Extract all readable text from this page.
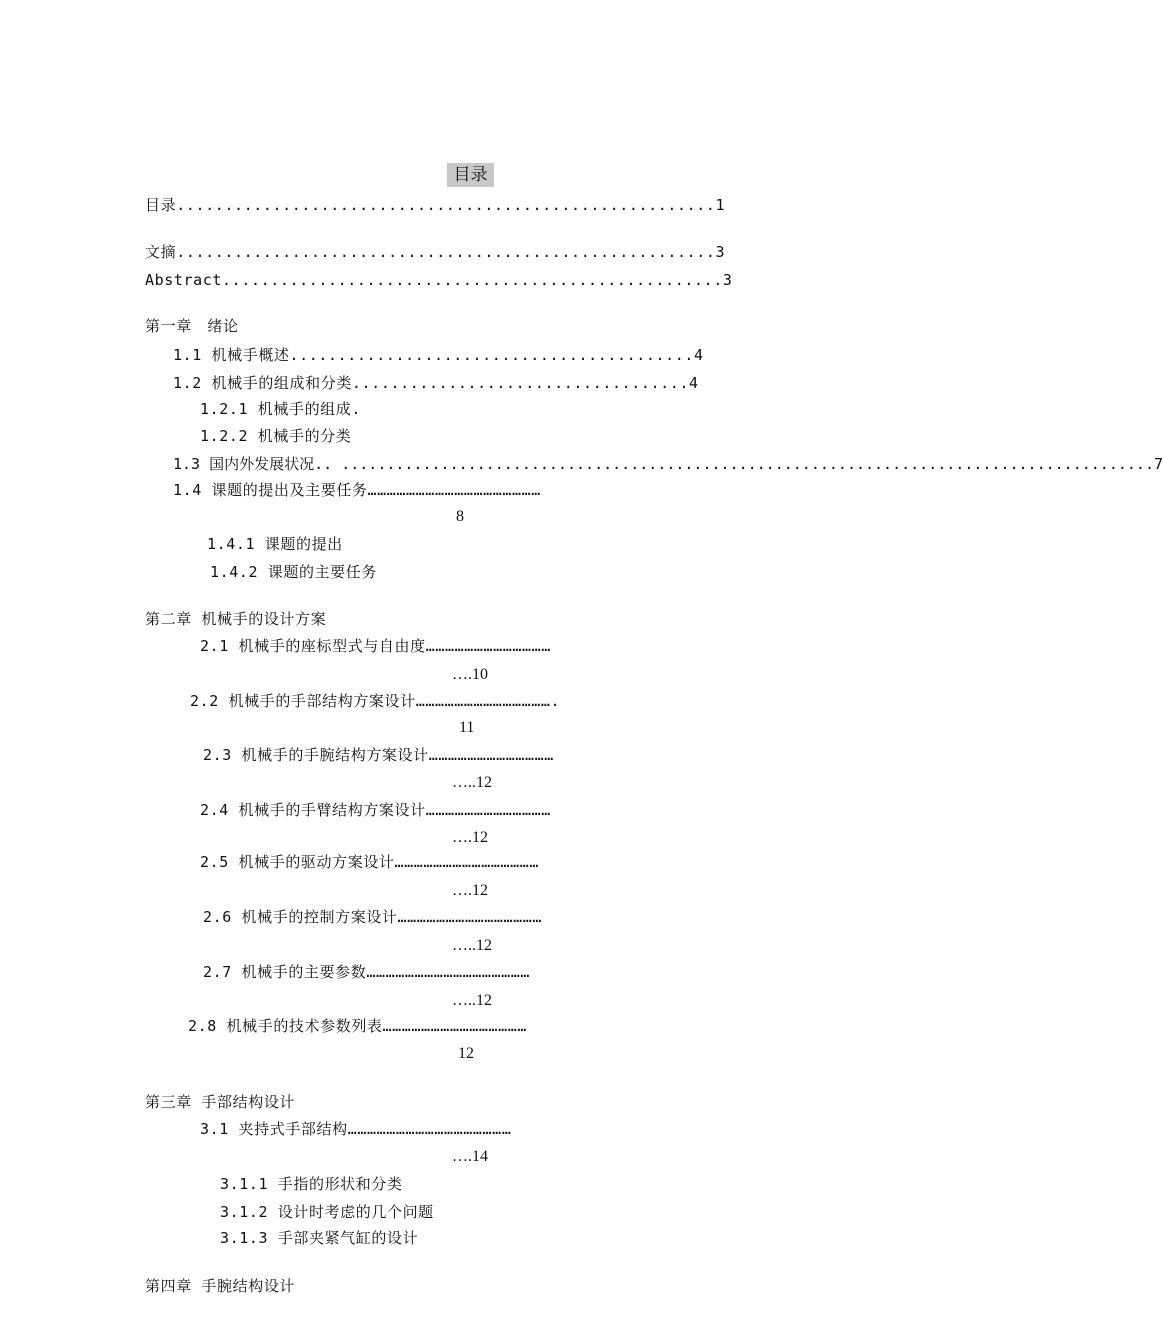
目录
目录........................................................1
文摘........................................................3
Abstract....................................................3
第一章　绪论
1.1 机械手概述..........................................4
1.2 机械手的组成和分类...................................4
1.2.1 机械手的组成.
1.2.2 机械手的分类
1.3 国内外发展状况.. ..........................................................................................7
1.4 课题的提出及主要任务………………………………………………
8
1.4.1 课题的提出
1.4.2 课题的主要任务
第二章 机械手的设计方案
2.1 机械手的座标型式与自由度…………………………………
….10
2.2 机械手的手部结构方案设计…………………………………….
11
2.3 机械手的手腕结构方案设计…………………………………
…..12
2.4 机械手的手臂结构方案设计…………………………………
….12
2.5 机械手的驱动方案设计………………………………………
….12
2.6 机械手的控制方案设计………………………………………
…..12
2.7 机械手的主要参数……………………………………………
…..12
2.8 机械手的技术参数列表………………………………………
12
第三章 手部结构设计
3.1 夹持式手部结构……………………………………………
….14
3.1.1 手指的形状和分类
3.1.2 设计时考虑的几个问题
3.1.3 手部夹紧气缸的设计
第四章 手腕结构设计
